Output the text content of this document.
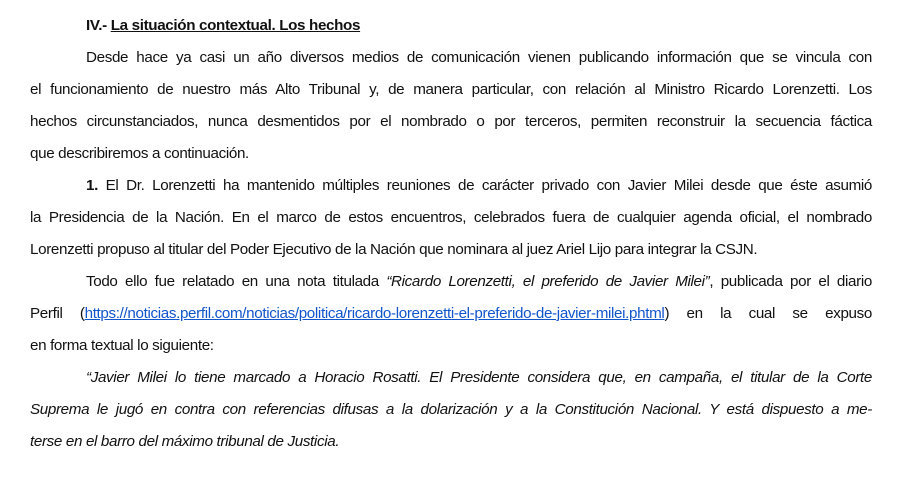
IV.- La situación contextual. Los hechos
Desde hace ya casi un año diversos medios de comunicación vienen publicando información que se vincula con
el funcionamiento de nuestro más Alto Tribunal y, de manera particular, con relación al Ministro Ricardo Lorenzetti. Los
hechos circunstanciados, nunca desmentidos por el nombrado o por terceros, permiten reconstruir la secuencia fáctica
que describiremos a continuación.
1. El Dr. Lorenzetti ha mantenido múltiples reuniones de carácter privado con Javier Milei desde que éste asumió
la Presidencia de la Nación. En el marco de estos encuentros, celebrados fuera de cualquier agenda oficial, el nombrado
Lorenzetti propuso al titular del Poder Ejecutivo de la Nación que nominara al juez Ariel Lijo para integrar la CSJN.
Todo ello fue relatado en una nota titulada “Ricardo Lorenzetti, el preferido de Javier Milei”, publicada por el diario
Perfil (https://noticias.perfil.com/noticias/politica/ricardo-lorenzetti-el-preferido-de-javier-milei.phtml) en la cual se expuso
en forma textual lo siguiente:
“Javier Milei lo tiene marcado a Horacio Rosatti. El Presidente considera que, en campaña, el titular de la Corte
Suprema le jugó en contra con referencias difusas a la dolarización y a la Constitución Nacional. Y está dispuesto a me-
terse en el barro del máximo tribunal de Justicia.
